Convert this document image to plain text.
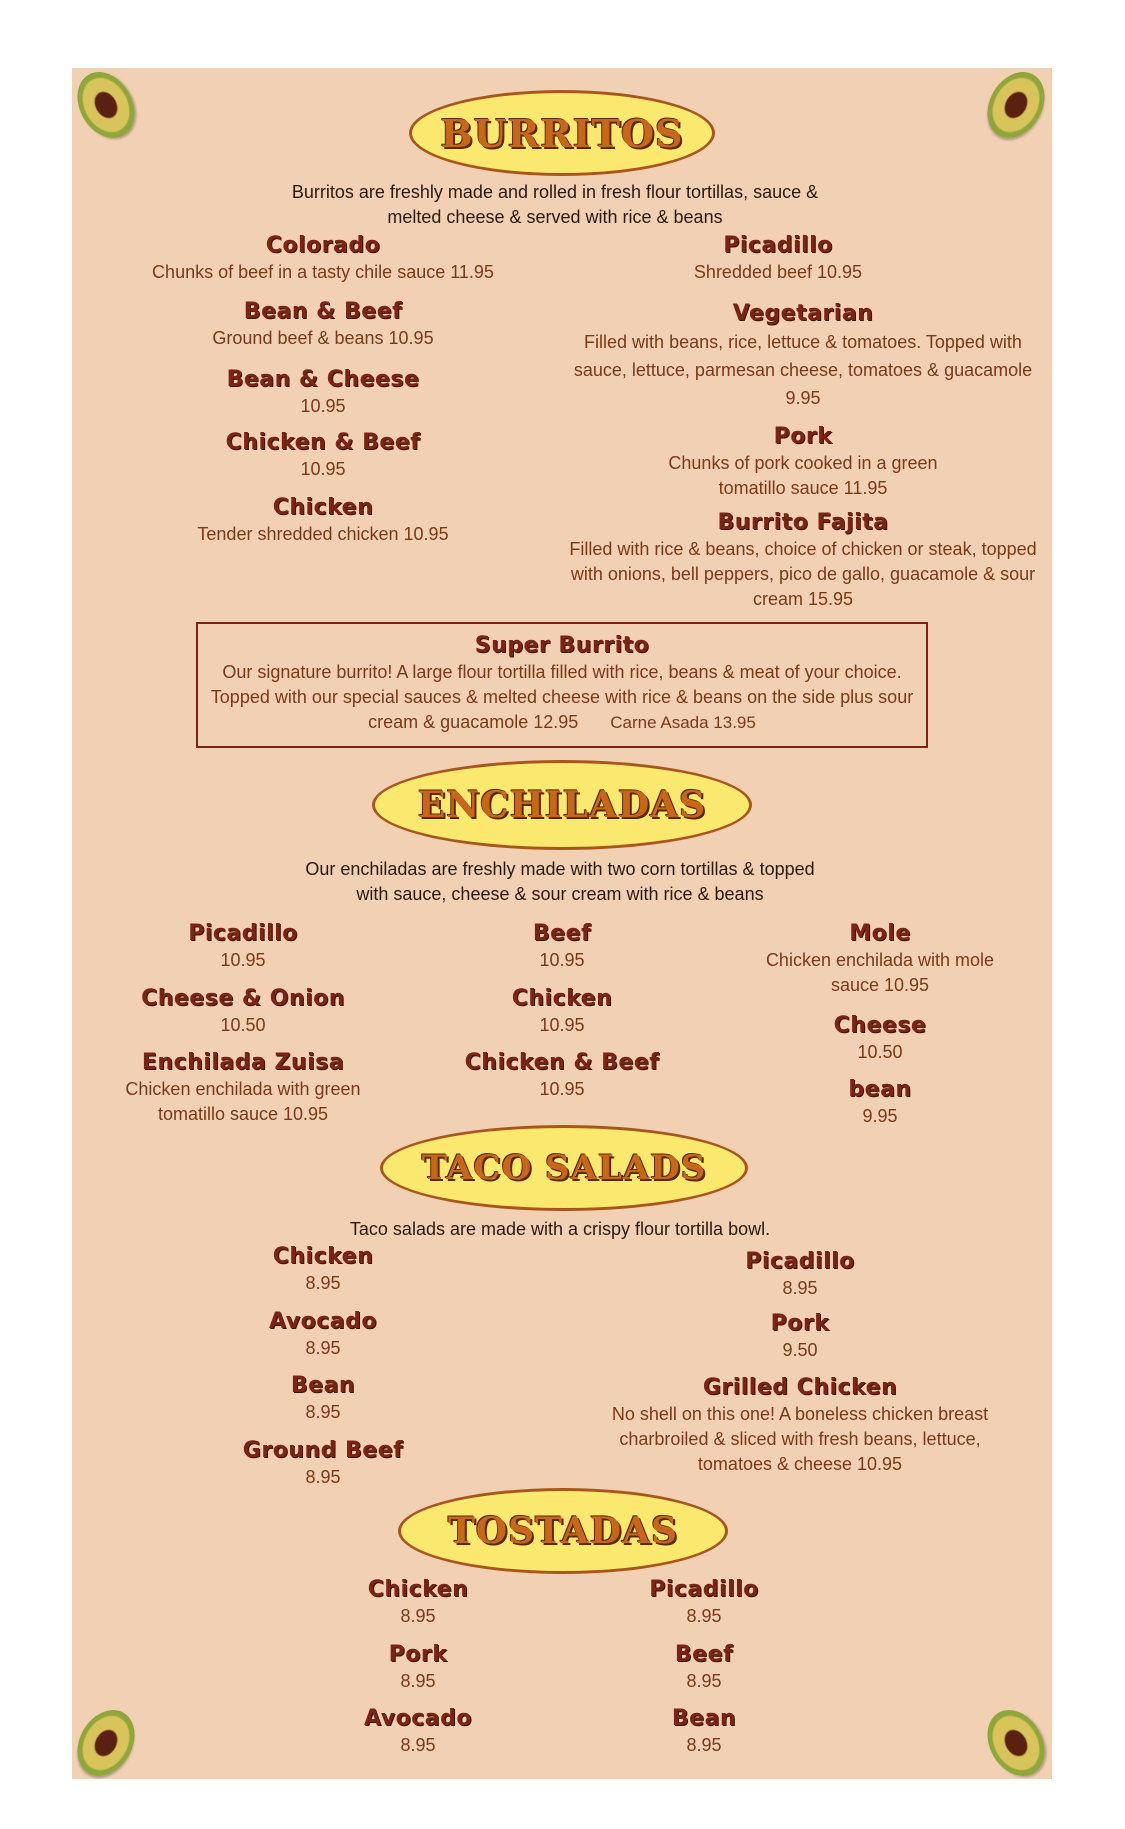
BURRITOS
Burritos are freshly made and rolled in fresh flour tortillas, sauce & melted cheese & served with rice & beans
Colorado
Chunks of beef in a tasty chile sauce 11.95
Bean & Beef
Ground beef & beans 10.95
Bean & Cheese
10.95
Chicken & Beef
10.95
Chicken
Tender shredded chicken 10.95
Picadillo
Shredded beef 10.95
Vegetarian
Filled with beans, rice, lettuce & tomatoes. Topped with sauce, lettuce, parmesan cheese, tomatoes & guacamole 9.95
Pork
Chunks of pork cooked in a green tomatillo sauce 11.95
Burrito Fajita
Filled with rice & beans, choice of chicken or steak, topped with onions, bell peppers, pico de gallo, guacamole & sour cream 15.95
Super Burrito
Our signature burrito! A large flour tortilla filled with rice, beans & meat of your choice. Topped with our special sauces & melted cheese with rice & beans on the side plus sour cream & guacamole 12.95 Carne Asada 13.95
ENCHILADAS
Our enchiladas are freshly made with two corn tortillas & topped with sauce, cheese & sour cream with rice & beans
Picadillo
10.95
Cheese & Onion
10.50
Enchilada Zuisa
Chicken enchilada with green tomatillo sauce 10.95
Beef
10.95
Chicken
10.95
Chicken & Beef
10.95
Mole
Chicken enchilada with mole sauce 10.95
Cheese
10.50
bean
9.95
TACO SALADS
Taco salads are made with a crispy flour tortilla bowl.
Chicken
8.95
Avocado
8.95
Bean
8.95
Ground Beef
8.95
Picadillo
8.95
Pork
9.50
Grilled Chicken
No shell on this one! A boneless chicken breast charbroiled & sliced with fresh beans, lettuce, tomatoes & cheese 10.95
TOSTADAS
Chicken
8.95
Pork
8.95
Avocado
8.95
Picadillo
8.95
Beef
8.95
Bean
8.95
